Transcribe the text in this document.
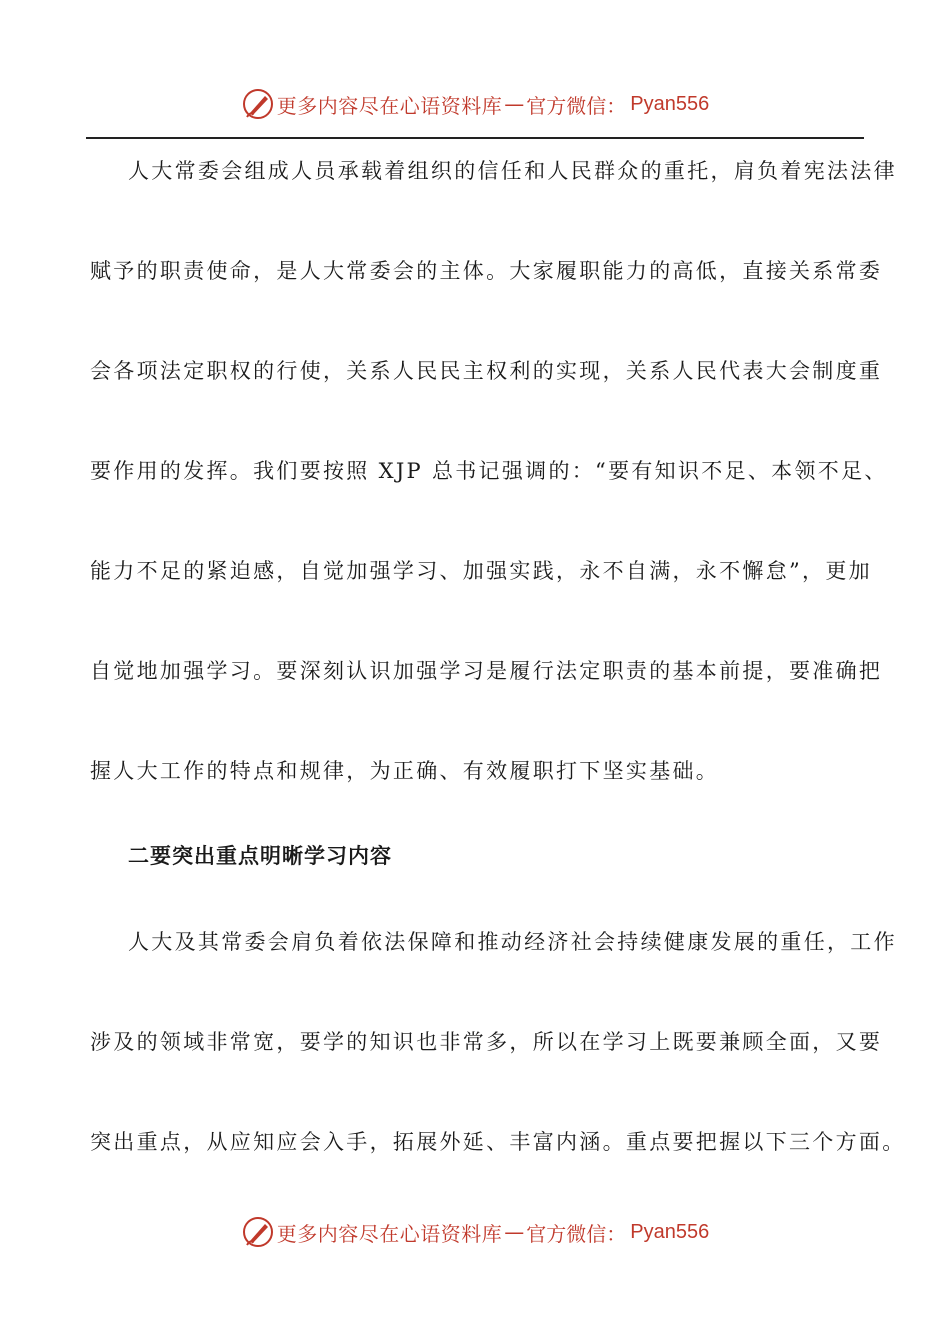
更多内容尽在心语资料库 — 官方微信： Pyan556
人大常委会组成人员承载着组织的信任和人民群众的重托，肩负着宪法法律
赋予的职责使命，是人大常委会的主体。大家履职能力的高低，直接关系常委
会各项法定职权的行使，关系人民民主权利的实现，关系人民代表大会制度重
要作用的发挥。我们要按照 XJP 总书记强调的：“要有知识不足、本领不足、
能力不足的紧迫感，自觉加强学习、加强实践，永不自满，永不懈怠”，更加
自觉地加强学习。要深刻认识加强学习是履行法定职责的基本前提，要准确把
握人大工作的特点和规律，为正确、有效履职打下坚实基础。
二要突出重点明晰学习内容
人大及其常委会肩负着依法保障和推动经济社会持续健康发展的重任，工作
涉及的领域非常宽，要学的知识也非常多，所以在学习上既要兼顾全面，又要
突出重点，从应知应会入手，拓展外延、丰富内涵。重点要把握以下三个方面。
更多内容尽在心语资料库 — 官方微信： Pyan556
